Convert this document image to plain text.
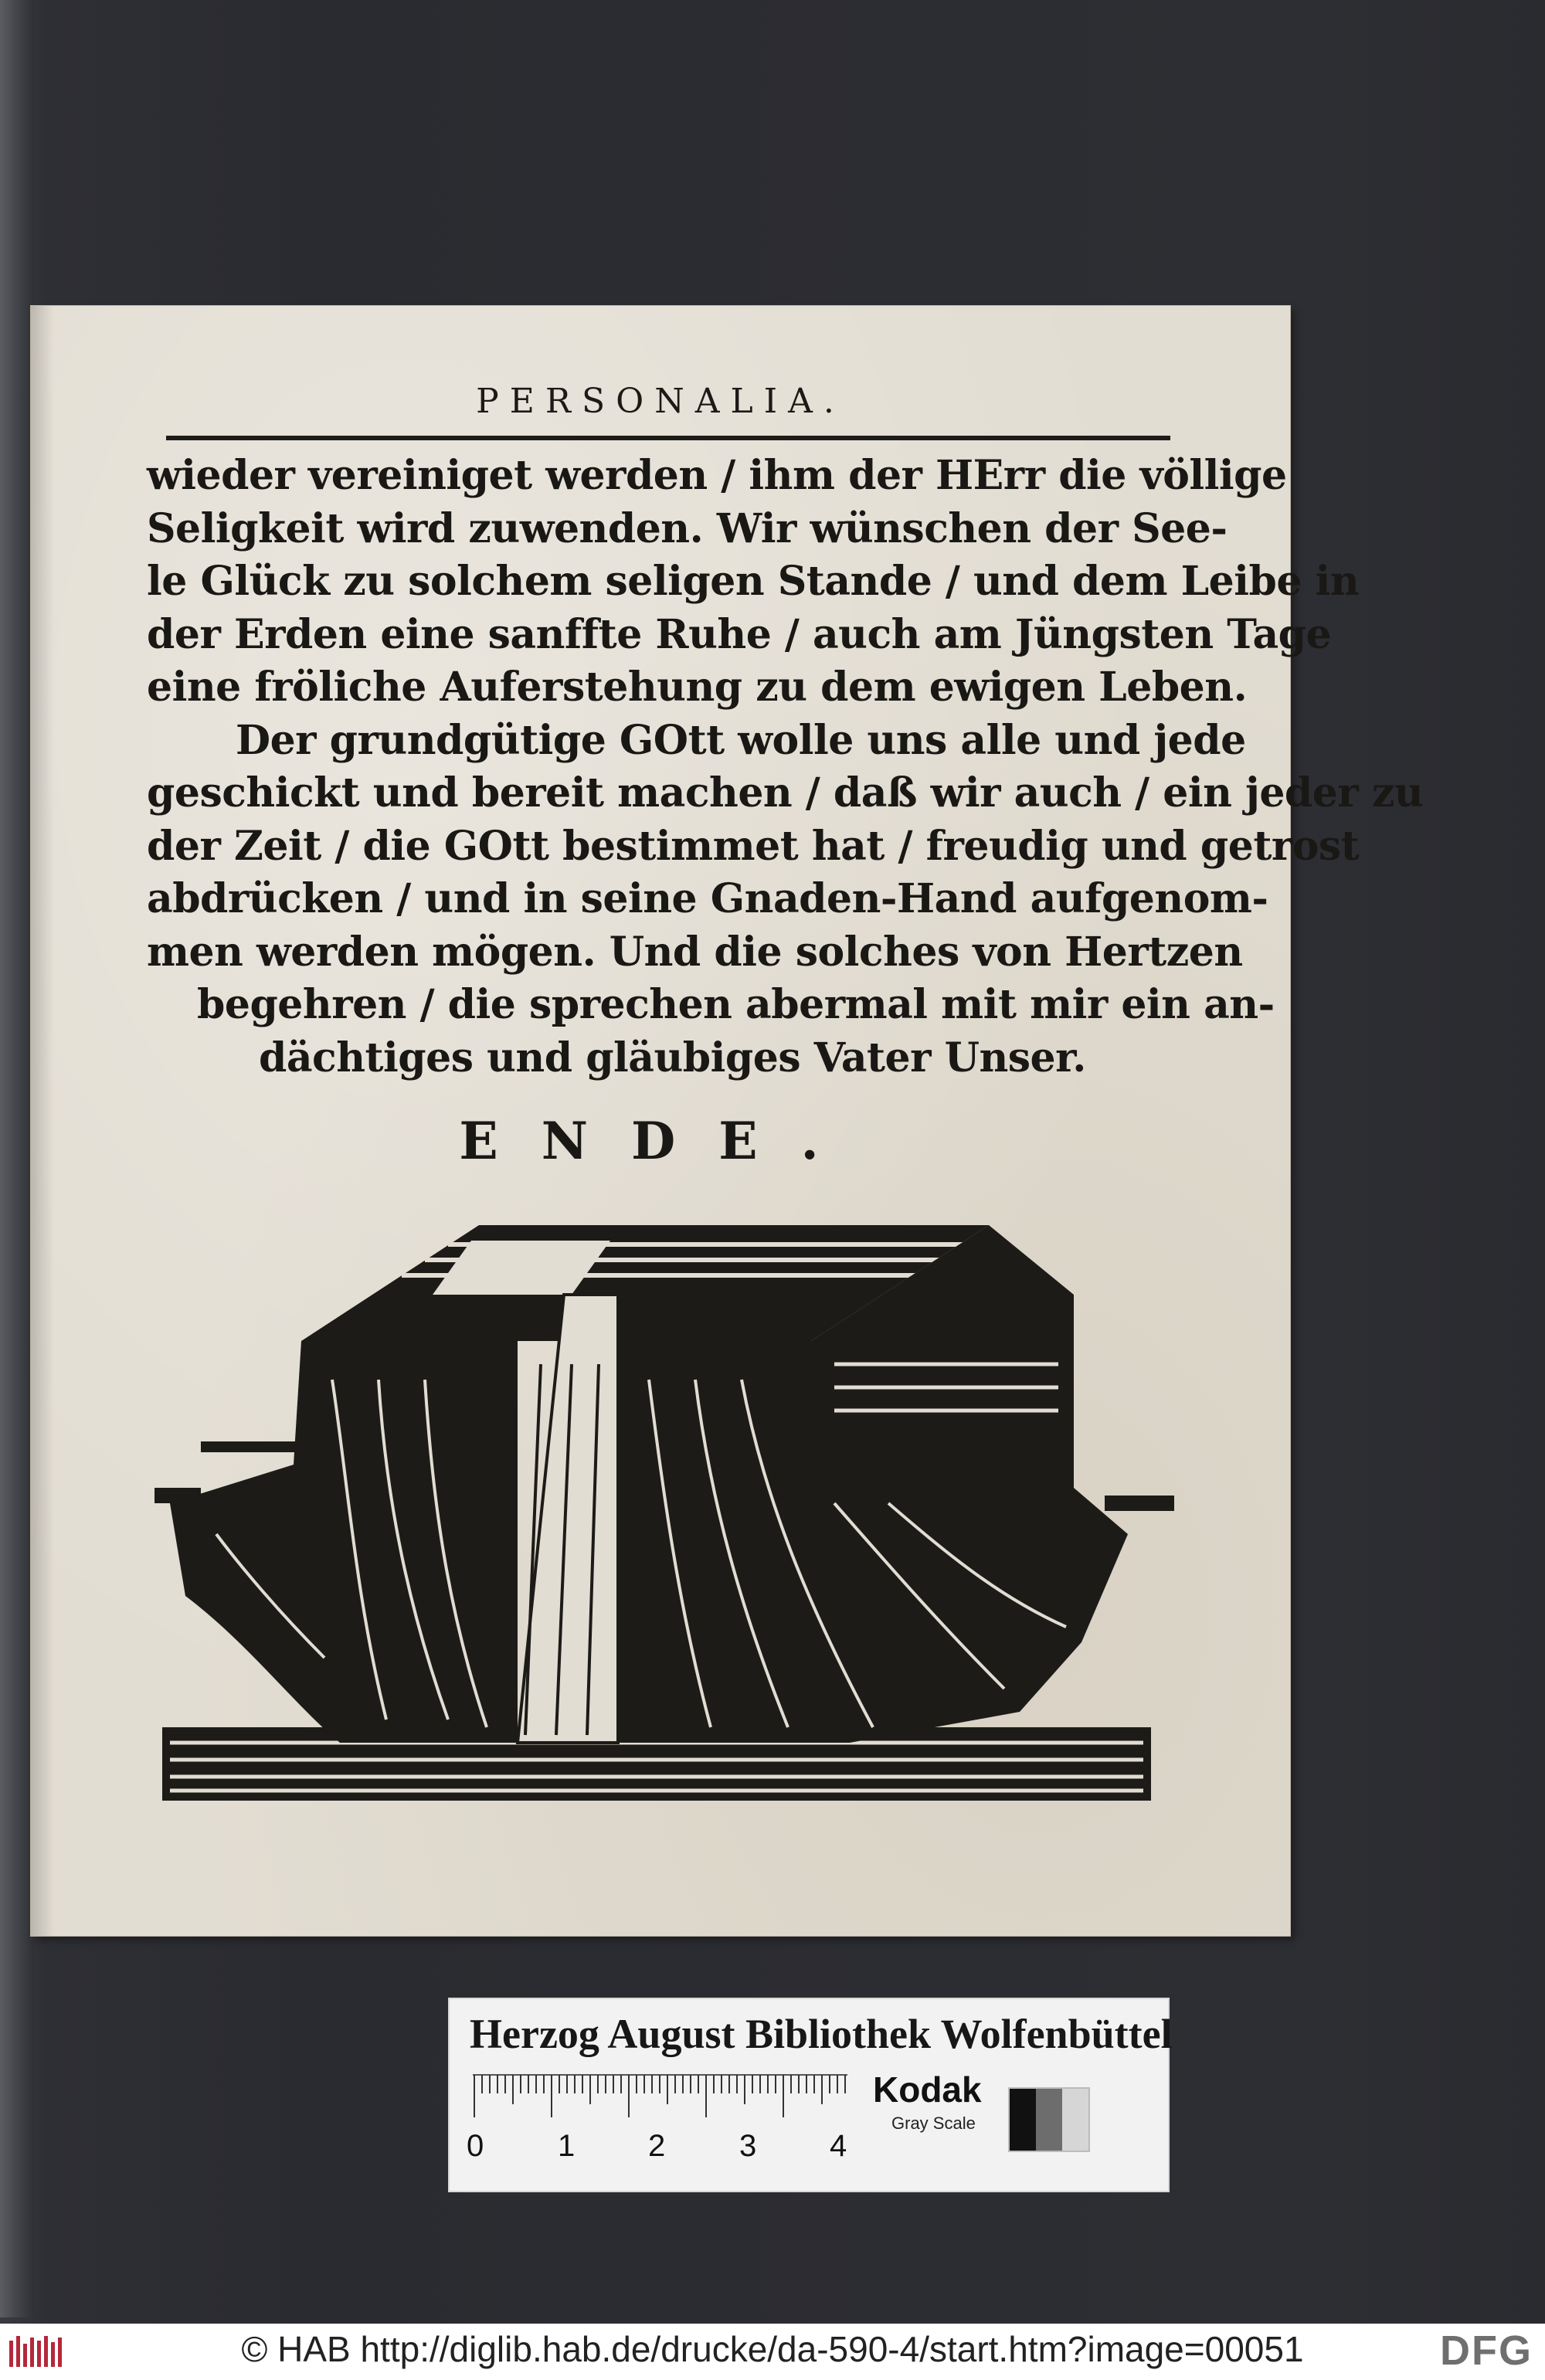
PERSONALIA.
wieder vereiniget werden / ihm der HErr die völlige
Seligkeit wird zuwenden. Wir wünschen der See-
le Glück zu solchem seligen Stande / und dem Leibe in
der Erden eine sanffte Ruhe / auch am Jüngsten Tage
eine fröliche Auferstehung zu dem ewigen Leben.
Der grundgütige GOtt wolle uns alle und jede
geschickt und bereit machen / daß wir auch / ein jeder zu
der Zeit / die GOtt bestimmet hat / freudig und getrost
abdrücken / und in seine Gnaden-Hand aufgenom-
men werden mögen. Und die solches von Hertzen
begehren / die sprechen abermal mit mir ein an-
dächtiges und gläubiges Vater Unser.
ENDE.
Herzog August Bibliothek Wolfenbüttel
0 1 2 3 4
Kodak
Gray Scale
© HAB http://diglib.hab.de/drucke/da-590-4/start.htm?image=00051	DFG
